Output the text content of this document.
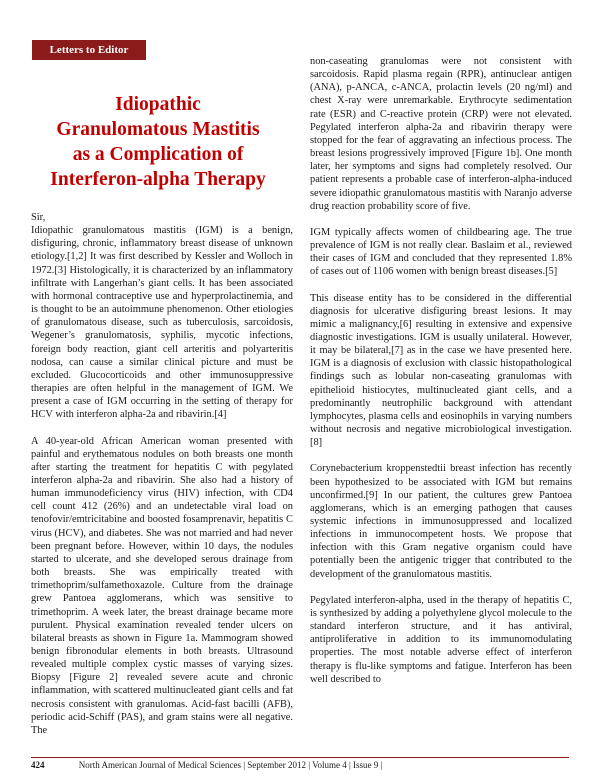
Letters to Editor
Idiopathic
Granulomatous Mastitis
as a Complication of
Interferon-alpha Therapy

Sir,

Idiopathic granulomatous mastitis (IGM) is a benign, disfiguring, chronic, inflammatory breast disease of unknown etiology.[1,2] It was first described by Kessler and Wolloch in 1972.[3] Histologically, it is characterized by an inflammatory infiltrate with Langerhan’s giant cells. It has been associated with hormonal contraceptive use and hyperprolactinemia, and is thought to be an autoimmune phenomenon. Other etiologies of granulomatous disease, such as tuberculosis, sarcoidosis, Wegener’s granulomatosis, syphilis, mycotic infections, foreign body reaction, giant cell arteritis and polyarteritis nodosa, can cause a similar clinical picture and must be excluded. Glucocorticoids and other immunosuppressive therapies are often helpful in the management of IGM. We present a case of IGM occurring in the setting of therapy for HCV with interferon alpha-2a and ribavirin.[4]

A 40-year-old African American woman presented with painful and erythematous nodules on both breasts one month after starting the treatment for hepatitis C with pegylated interferon alpha-2a and ribavirin. She also had a history of human immunodeficiency virus (HIV) infection, with CD4 cell count 412 (26%) and an undetectable viral load on tenofovir/emtricitabine and boosted fosamprenavir, hepatitis C virus (HCV), and diabetes. She was not married and had never been pregnant before. However, within 10 days, the nodules started to ulcerate, and she developed serous drainage from both breasts. She was empirically treated with trimethoprim/sulfamethoxazole. Culture from the drainage grew Pantoea agglomerans, which was sensitive to trimethoprim. A week later, the breast drainage became more purulent. Physical examination revealed tender ulcers on bilateral breasts as shown in Figure 1a. Mammogram showed benign fibronodular elements in both breasts. Ultrasound revealed multiple complex cystic masses of varying sizes. Biopsy [Figure 2] revealed severe acute and chronic inflammation, with scattered multinucleated giant cells and fat necrosis consistent with granulomas. Acid-fast bacilli (AFB), periodic acid-Schiff (PAS), and gram stains were all negative. The

non-caseating granulomas were not consistent with sarcoidosis. Rapid plasma regain (RPR), antinuclear antigen (ANA), p-ANCA, c-ANCA, prolactin levels (20 ng/ml) and chest X-ray were unremarkable. Erythrocyte sedimentation rate (ESR) and C-reactive protein (CRP) were not elevated. Pegylated interferon alpha-2a and ribavirin therapy were stopped for the fear of aggravating an infectious process. The breast lesions progressively improved [Figure 1b]. One month later, her symptoms and signs had completely resolved. Our patient represents a probable case of interferon-alpha-induced severe idiopathic granulomatous mastitis with Naranjo adverse drug reaction probability score of five.

IGM typically affects women of childbearing age. The true prevalence of IGM is not really clear. Baslaim et al., reviewed their cases of IGM and concluded that they represented 1.8% of cases out of 1106 women with benign breast diseases.[5]

This disease entity has to be considered in the differential diagnosis for ulcerative disfiguring breast lesions. It may mimic a malignancy,[6] resulting in extensive and expensive diagnostic investigations. IGM is usually unilateral. However, it may be bilateral,[7] as in the case we have presented here. IGM is a diagnosis of exclusion with classic histopathological findings such as lobular non-caseating granulomas with epithelioid histiocytes, multinucleated giant cells, and a predominantly neutrophilic background with attendant lymphocytes, plasma cells and eosinophils in varying numbers without necrosis and negative microbiological investigation.[8]

Corynebacterium kroppenstedtii breast infection has recently been hypothesized to be associated with IGM but remains unconfirmed.[9] In our patient, the cultures grew Pantoea agglomerans, which is an emerging pathogen that causes systemic infections in immunosuppressed and localized infections in immunocompetent hosts. We propose that infection with this Gram negative organism could have potentially been the antigenic trigger that contributed to the development of the granulomatous mastitis.

Pegylated interferon-alpha, used in the therapy of hepatitis C, is synthesized by adding a polyethylene glycol molecule to the standard interferon structure, and it has antiviral, antiproliferative in addition to its immunomodulating properties. The most notable adverse effect of interferon therapy is flu-like symptoms and fatigue. Interferon has been well described to

424	North American Journal of Medical Sciences | September 2012 | Volume 4 | Issue 9 |
